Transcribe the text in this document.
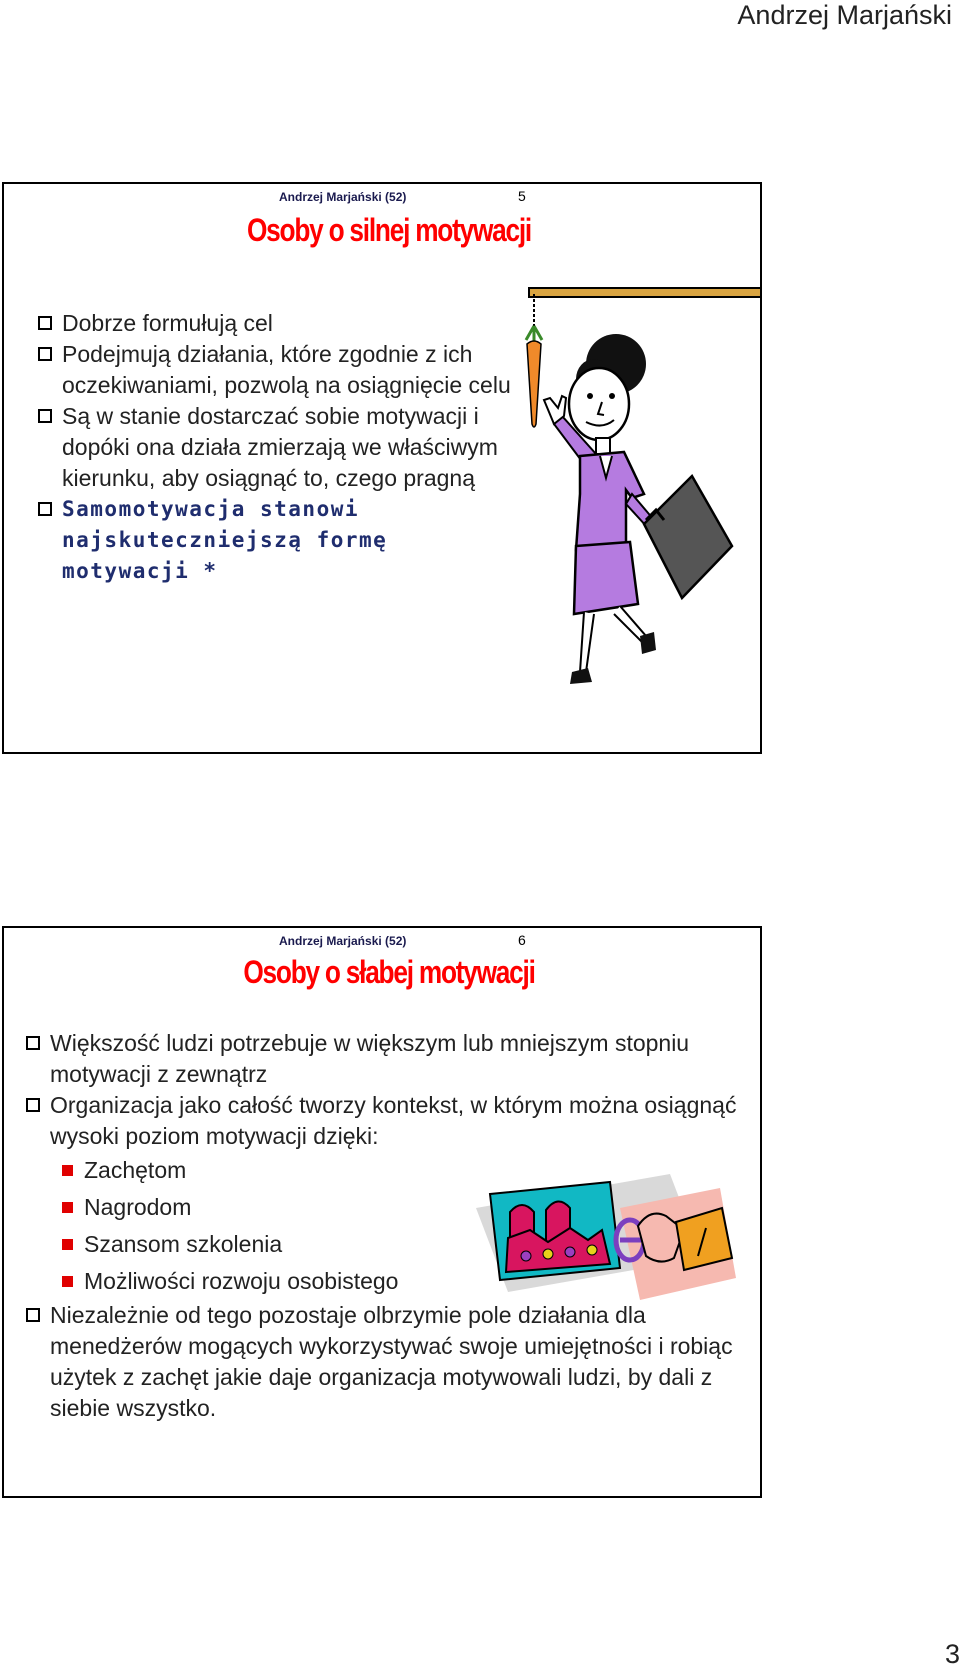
Andrzej Marjański
Andrzej Marjański (52)	5
Osoby o silnej motywacji
Dobrze formułują cel
Podejmują działania, które zgodnie z ich oczekiwaniami, pozwolą na osiągnięcie celu
Są w stanie dostarczać sobie motywacji i dopóki ona działa zmierzają we właściwym kierunku, aby osiągnąć to, czego pragną
Samomotywacja stanowi najskuteczniejszą formę motywacji *
Andrzej Marjański (52)	6
Osoby o słabej motywacji
Większość ludzi potrzebuje w większym lub mniejszym stopniu motywacji z zewnątrz
Organizacja jako całość tworzy kontekst, w którym można osiągnąć wysoki poziom motywacji dzięki:
Zachętom
Nagrodom
Szansom szkolenia
Możliwości rozwoju osobistego
Niezależnie od tego pozostaje olbrzymie pole działania dla menedżerów mogących wykorzystywać swoje umiejętności i robiąc użytek z zachęt jakie daje organizacja motywowali ludzi, by dali z siebie wszystko.
3
